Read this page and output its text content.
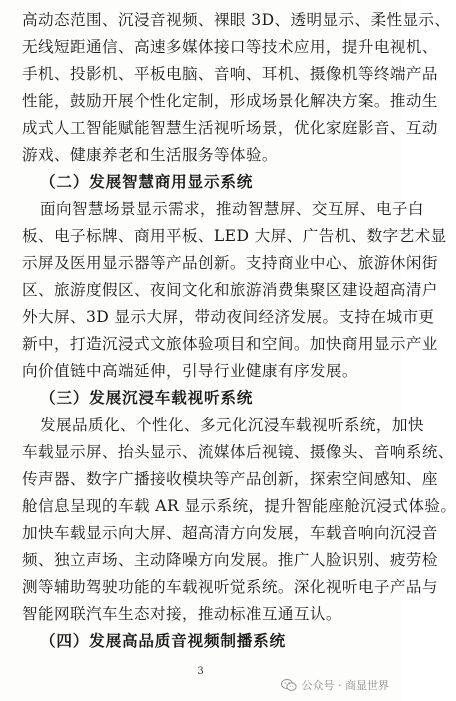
高动态范围、沉浸音视频、裸眼 3D、透明显示、柔性显示、
无线短距通信、高速多媒体接口等技术应用，提升电视机、
手机、投影机、平板电脑、音响、耳机、摄像机等终端产品
性能，鼓励开展个性化定制，形成场景化解决方案。推动生
成式人工智能赋能智慧生活视听场景，优化家庭影音、互动
游戏、健康养老和生活服务等体验。
（二）发展智慧商用显示系统
面向智慧场景显示需求，推动智慧屏、交互屏、电子白
板、电子标牌、商用平板、LED 大屏、广告机、数字艺术显
示屏及医用显示器等产品创新。支持商业中心、旅游休闲街
区、旅游度假区、夜间文化和旅游消费集聚区建设超高清户
外大屏、3D 显示大屏，带动夜间经济发展。支持在城市更
新中，打造沉浸式文旅体验项目和空间。加快商用显示产业
向价值链中高端延伸，引导行业健康有序发展。
（三）发展沉浸车载视听系统
发展品质化、个性化、多元化沉浸车载视听系统，加快
车载显示屏、抬头显示、流媒体后视镜、摄像头、音响系统、
传声器、数字广播接收模块等产品创新，探索空间感知、座
舱信息呈现的车载 AR 显示系统，提升智能座舱沉浸式体验。
加快车载显示向大屏、超高清方向发展，车载音响向沉浸音
频、独立声场、主动降噪方向发展。推广人脸识别、疲劳检
测等辅助驾驶功能的车载视听觉系统。深化视听电子产品与
智能网联汽车生态对接，推动标准互通互认。
（四）发展高品质音视频制播系统
3
公众号 · 商显世界
